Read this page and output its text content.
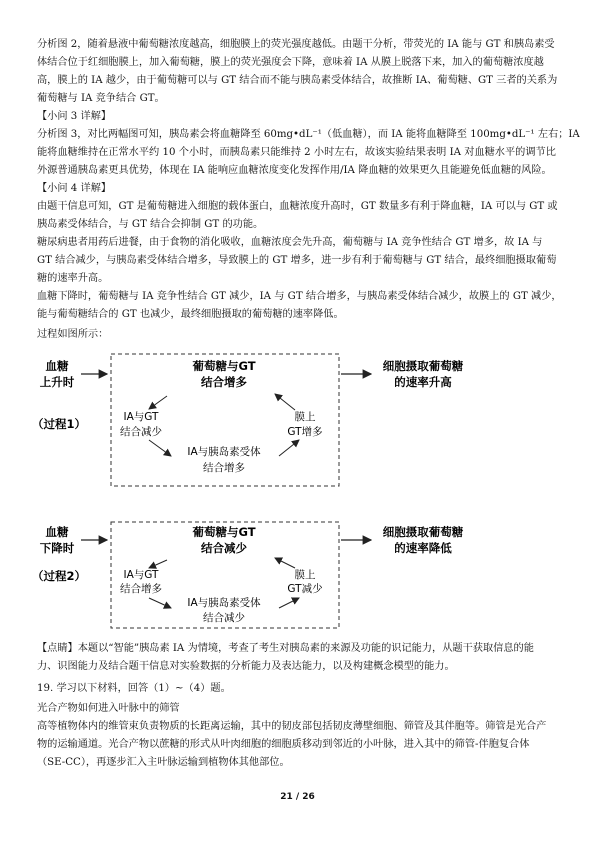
分析图 2，随着悬液中葡萄糖浓度越高，细胞膜上的荧光强度越低。由题干分析，带荧光的 IA 能与 GT 和胰岛素受
体结合位于红细胞膜上，加入葡萄糖，膜上的荧光强度会下降，意味着 IA 从膜上脱落下来，加入的葡萄糖浓度越
高，膜上的 IA 越少，由于葡萄糖可以与 GT 结合而不能与胰岛素受体结合，故推断 IA、葡萄糖、GT 三者的关系为
葡萄糖与 IA 竞争结合 GT。
【小问 3 详解】
分析图 3，对比两幅图可知，胰岛素会将血糖降至 60mg•dL⁻¹（低血糖），而 IA 能将血糖降至 100mg•dL⁻¹ 左右；IA
能将血糖维持在正常水平约 10 个小时，而胰岛素只能维持 2 小时左右，故该实验结果表明 IA 对血糖水平的调节比
外源普通胰岛素更具优势，体现在 IA 能响应血糖浓度变化发挥作用/IA 降血糖的效果更久且能避免低血糖的风险。
【小问 4 详解】
由题干信息可知，GT 是葡萄糖进入细胞的载体蛋白，血糖浓度升高时，GT 数量多有利于降血糖，IA 可以与 GT 或
胰岛素受体结合，与 GT 结合会抑制 GT 的功能。
糖尿病患者用药后进餐，由于食物的消化吸收，血糖浓度会先升高，葡萄糖与 IA 竞争性结合 GT 增多，故 IA 与
GT 结合减少，与胰岛素受体结合增多，导致膜上的 GT 增多，进一步有利于葡萄糖与 GT 结合，最终细胞摄取葡萄
糖的速率升高。
血糖下降时，葡萄糖与 IA 竞争性结合 GT 减少，IA 与 GT 结合增多，与胰岛素受体结合减少，故膜上的 GT 减少，
能与葡萄糖结合的 GT 也减少，最终细胞摄取的葡萄糖的速率降低。
过程如图所示：
血糖
上升时
（过程1）
葡萄糖与GT
结合增多
细胞摄取葡萄糖
的速率升高
IA与GT
结合减少
膜上
GT增多
IA与胰岛素受体
结合增多
血糖
下降时
（过程2）
葡萄糖与GT
结合减少
细胞摄取葡萄糖
的速率降低
IA与GT
结合增多
膜上
GT减少
IA与胰岛素受体
结合减少
【点睛】本题以“智能”胰岛素 IA 为情境，考查了考生对胰岛素的来源及功能的识记能力，从题干获取信息的能
力、识图能力及结合题干信息对实验数据的分析能力及表达能力，以及构建概念模型的能力。
19. 学习以下材料，回答（1）~（4）题。
光合产物如何进入叶脉中的筛管
高等植物体内的维管束负责物质的长距离运输，其中的韧皮部包括韧皮薄壁细胞、筛管及其伴胞等。筛管是光合产
物的运输通道。光合产物以蔗糖的形式从叶肉细胞的细胞质移动到邻近的小叶脉，进入其中的筛管-伴胞复合体
（SE-CC），再逐步汇入主叶脉运输到植物体其他部位。
21 / 26
